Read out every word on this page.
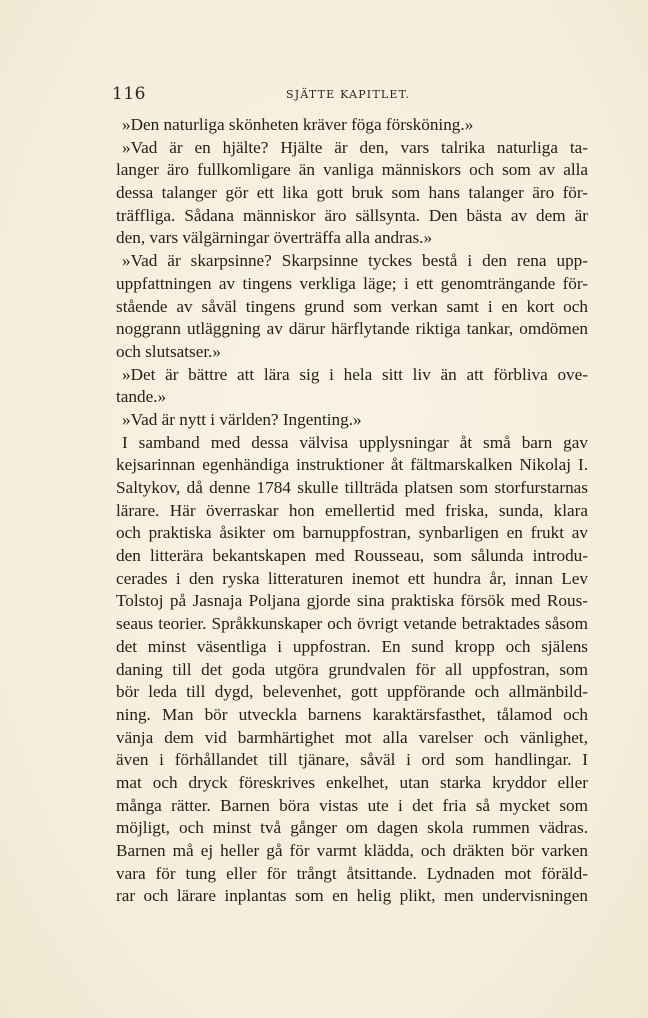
116	SJÄTTE KAPITLET.
»Den naturliga skönheten kräver föga försköning.»
»Vad är en hjälte? Hjälte är den, vars talrika naturliga ta-
langer äro fullkomligare än vanliga människors och som av alla
dessa talanger gör ett lika gott bruk som hans talanger äro för-
träffliga. Sådana människor äro sällsynta. Den bästa av dem är
den, vars välgärningar överträffa alla andras.»
»Vad är skarpsinne? Skarpsinne tyckes bestå i den rena upp-
uppfattningen av tingens verkliga läge; i ett genomträngande för-
stående av såväl tingens grund som verkan samt i en kort och
noggrann utläggning av därur härflytande riktiga tankar, omdömen
och slutsatser.»
»Det är bättre att lära sig i hela sitt liv än att förbliva ove-
tande.»
»Vad är nytt i världen? Ingenting.»
I samband med dessa välvisa upplysningar åt små barn gav
kejsarinnan egenhändiga instruktioner åt fältmarskalken Nikolaj I.
Saltykov, då denne 1784 skulle tillträda platsen som storfurstarnas
lärare. Här överraskar hon emellertid med friska, sunda, klara
och praktiska åsikter om barnuppfostran, synbarligen en frukt av
den litterära bekantskapen med Rousseau, som sålunda introdu-
cerades i den ryska litteraturen inemot ett hundra år, innan Lev
Tolstoj på Jasnaja Poljana gjorde sina praktiska försök med Rous-
seaus teorier. Språkkunskaper och övrigt vetande betraktades såsom
det minst väsentliga i uppfostran. En sund kropp och själens
daning till det goda utgöra grundvalen för all uppfostran, som
bör leda till dygd, belevenhet, gott uppförande och allmänbild-
ning. Man bör utveckla barnens karaktärsfasthet, tålamod och
vänja dem vid barmhärtighet mot alla varelser och vänlighet,
även i förhållandet till tjänare, såväl i ord som handlingar. I
mat och dryck föreskrives enkelhet, utan starka kryddor eller
många rätter. Barnen böra vistas ute i det fria så mycket som
möjligt, och minst två gånger om dagen skola rummen vädras.
Barnen må ej heller gå för varmt klädda, och dräkten bör varken
vara för tung eller för trångt åtsittande. Lydnaden mot föräld-
rar och lärare inplantas som en helig plikt, men undervisningen
